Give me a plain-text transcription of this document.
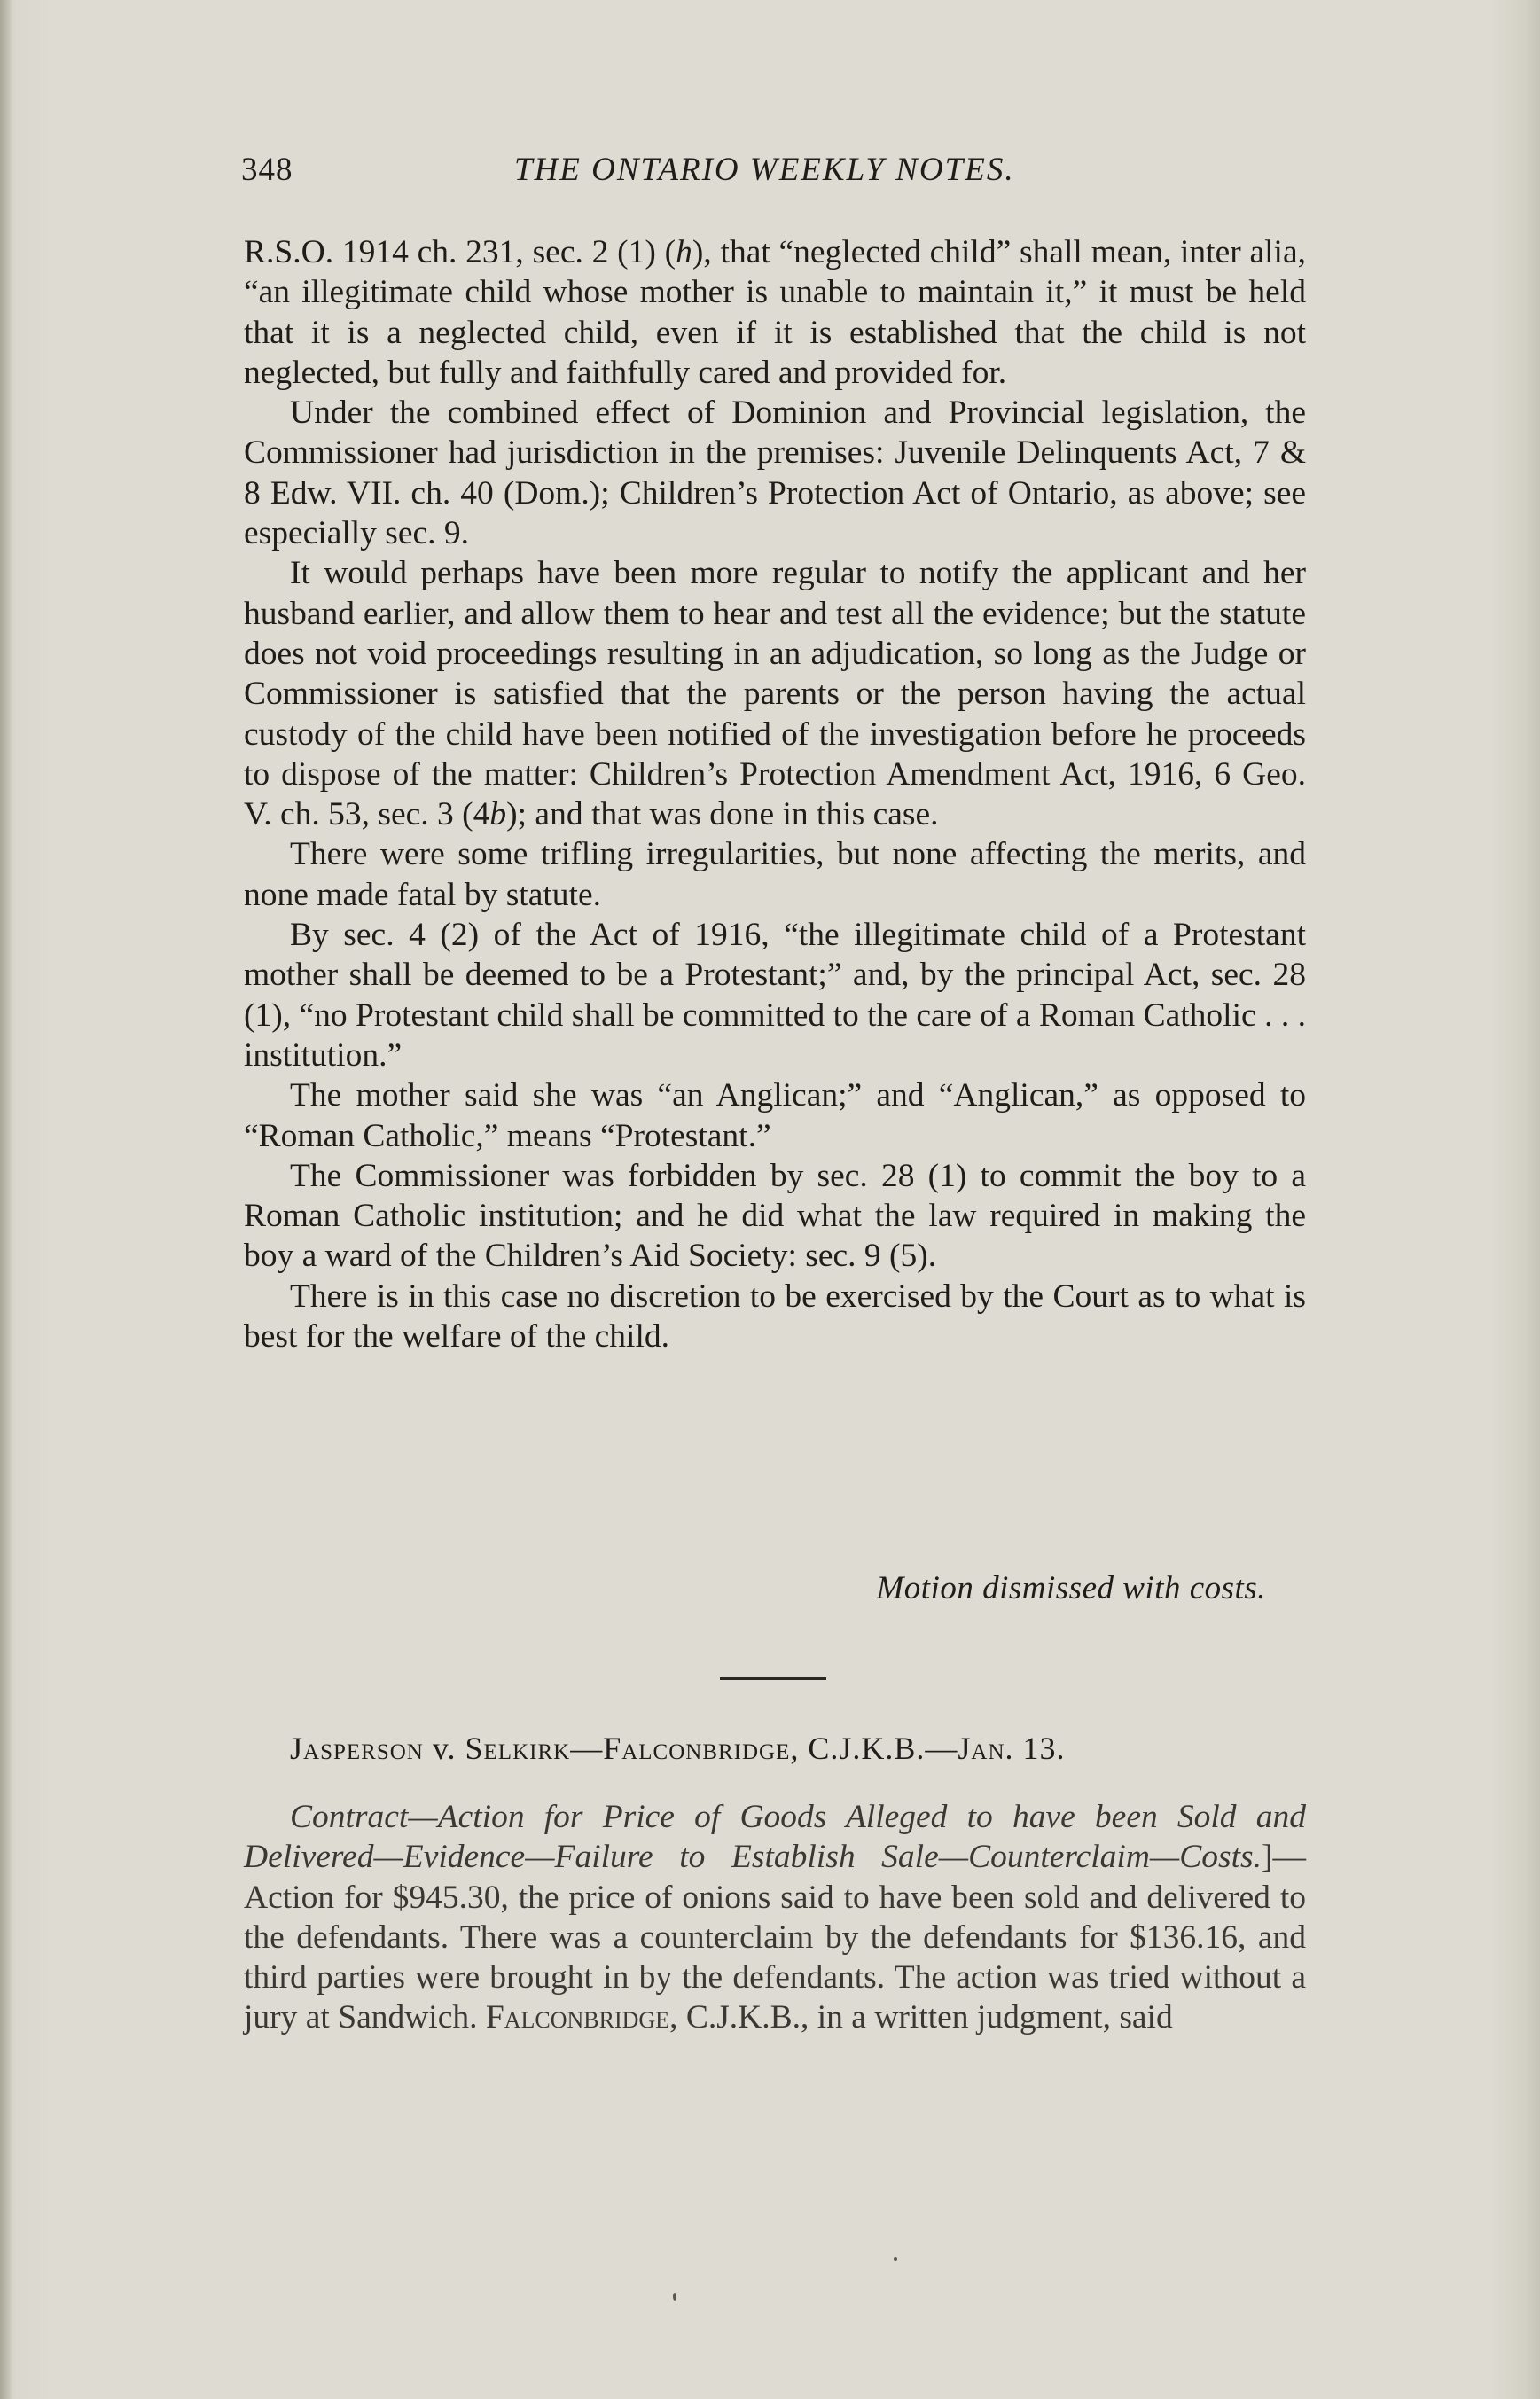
348	THE ONTARIO WEEKLY NOTES.

R.S.O. 1914 ch. 231, sec. 2 (1) (h), that “neglected child” shall mean, inter alia, “an illegitimate child whose mother is unable to maintain it,” it must be held that it is a neglected child, even if it is established that the child is not neglected, but fully and faithfully cared and provided for.

Under the combined effect of Dominion and Provincial legislation, the Commissioner had jurisdiction in the premises: Juvenile Delinquents Act, 7 & 8 Edw. VII. ch. 40 (Dom.); Children’s Protection Act of Ontario, as above; see especially sec. 9.

It would perhaps have been more regular to notify the applicant and her husband earlier, and allow them to hear and test all the evidence; but the statute does not void proceedings resulting in an adjudication, so long as the Judge or Commissioner is satisfied that the parents or the person having the actual custody of the child have been notified of the investigation before he proceeds to dispose of the matter: Children’s Protection Amendment Act, 1916, 6 Geo. V. ch. 53, sec. 3 (4b); and that was done in this case.

There were some trifling irregularities, but none affecting the merits, and none made fatal by statute.

By sec. 4 (2) of the Act of 1916, “the illegitimate child of a Protestant mother shall be deemed to be a Protestant;” and, by the principal Act, sec. 28 (1), “no Protestant child shall be committed to the care of a Roman Catholic . . . institution.”

The mother said she was “an Anglican;” and “Anglican,” as opposed to “Roman Catholic,” means “Protestant.”

The Commissioner was forbidden by sec. 28 (1) to commit the boy to a Roman Catholic institution; and he did what the law required in making the boy a ward of the Children’s Aid Society: sec. 9 (5).

There is in this case no discretion to be exercised by the Court as to what is best for the welfare of the child.

Motion dismissed with costs.
Jasperson v. Selkirk—Falconbridge, C.J.K.B.—Jan. 13.

Contract—Action for Price of Goods Alleged to have been Sold and Delivered—Evidence—Failure to Establish Sale—Counterclaim—Costs.]—Action for $945.30, the price of onions said to have been sold and delivered to the defendants. There was a counterclaim by the defendants for $136.16, and third parties were brought in by the defendants. The action was tried without a jury at Sandwich. Falconbridge, C.J.K.B., in a written judgment, said
